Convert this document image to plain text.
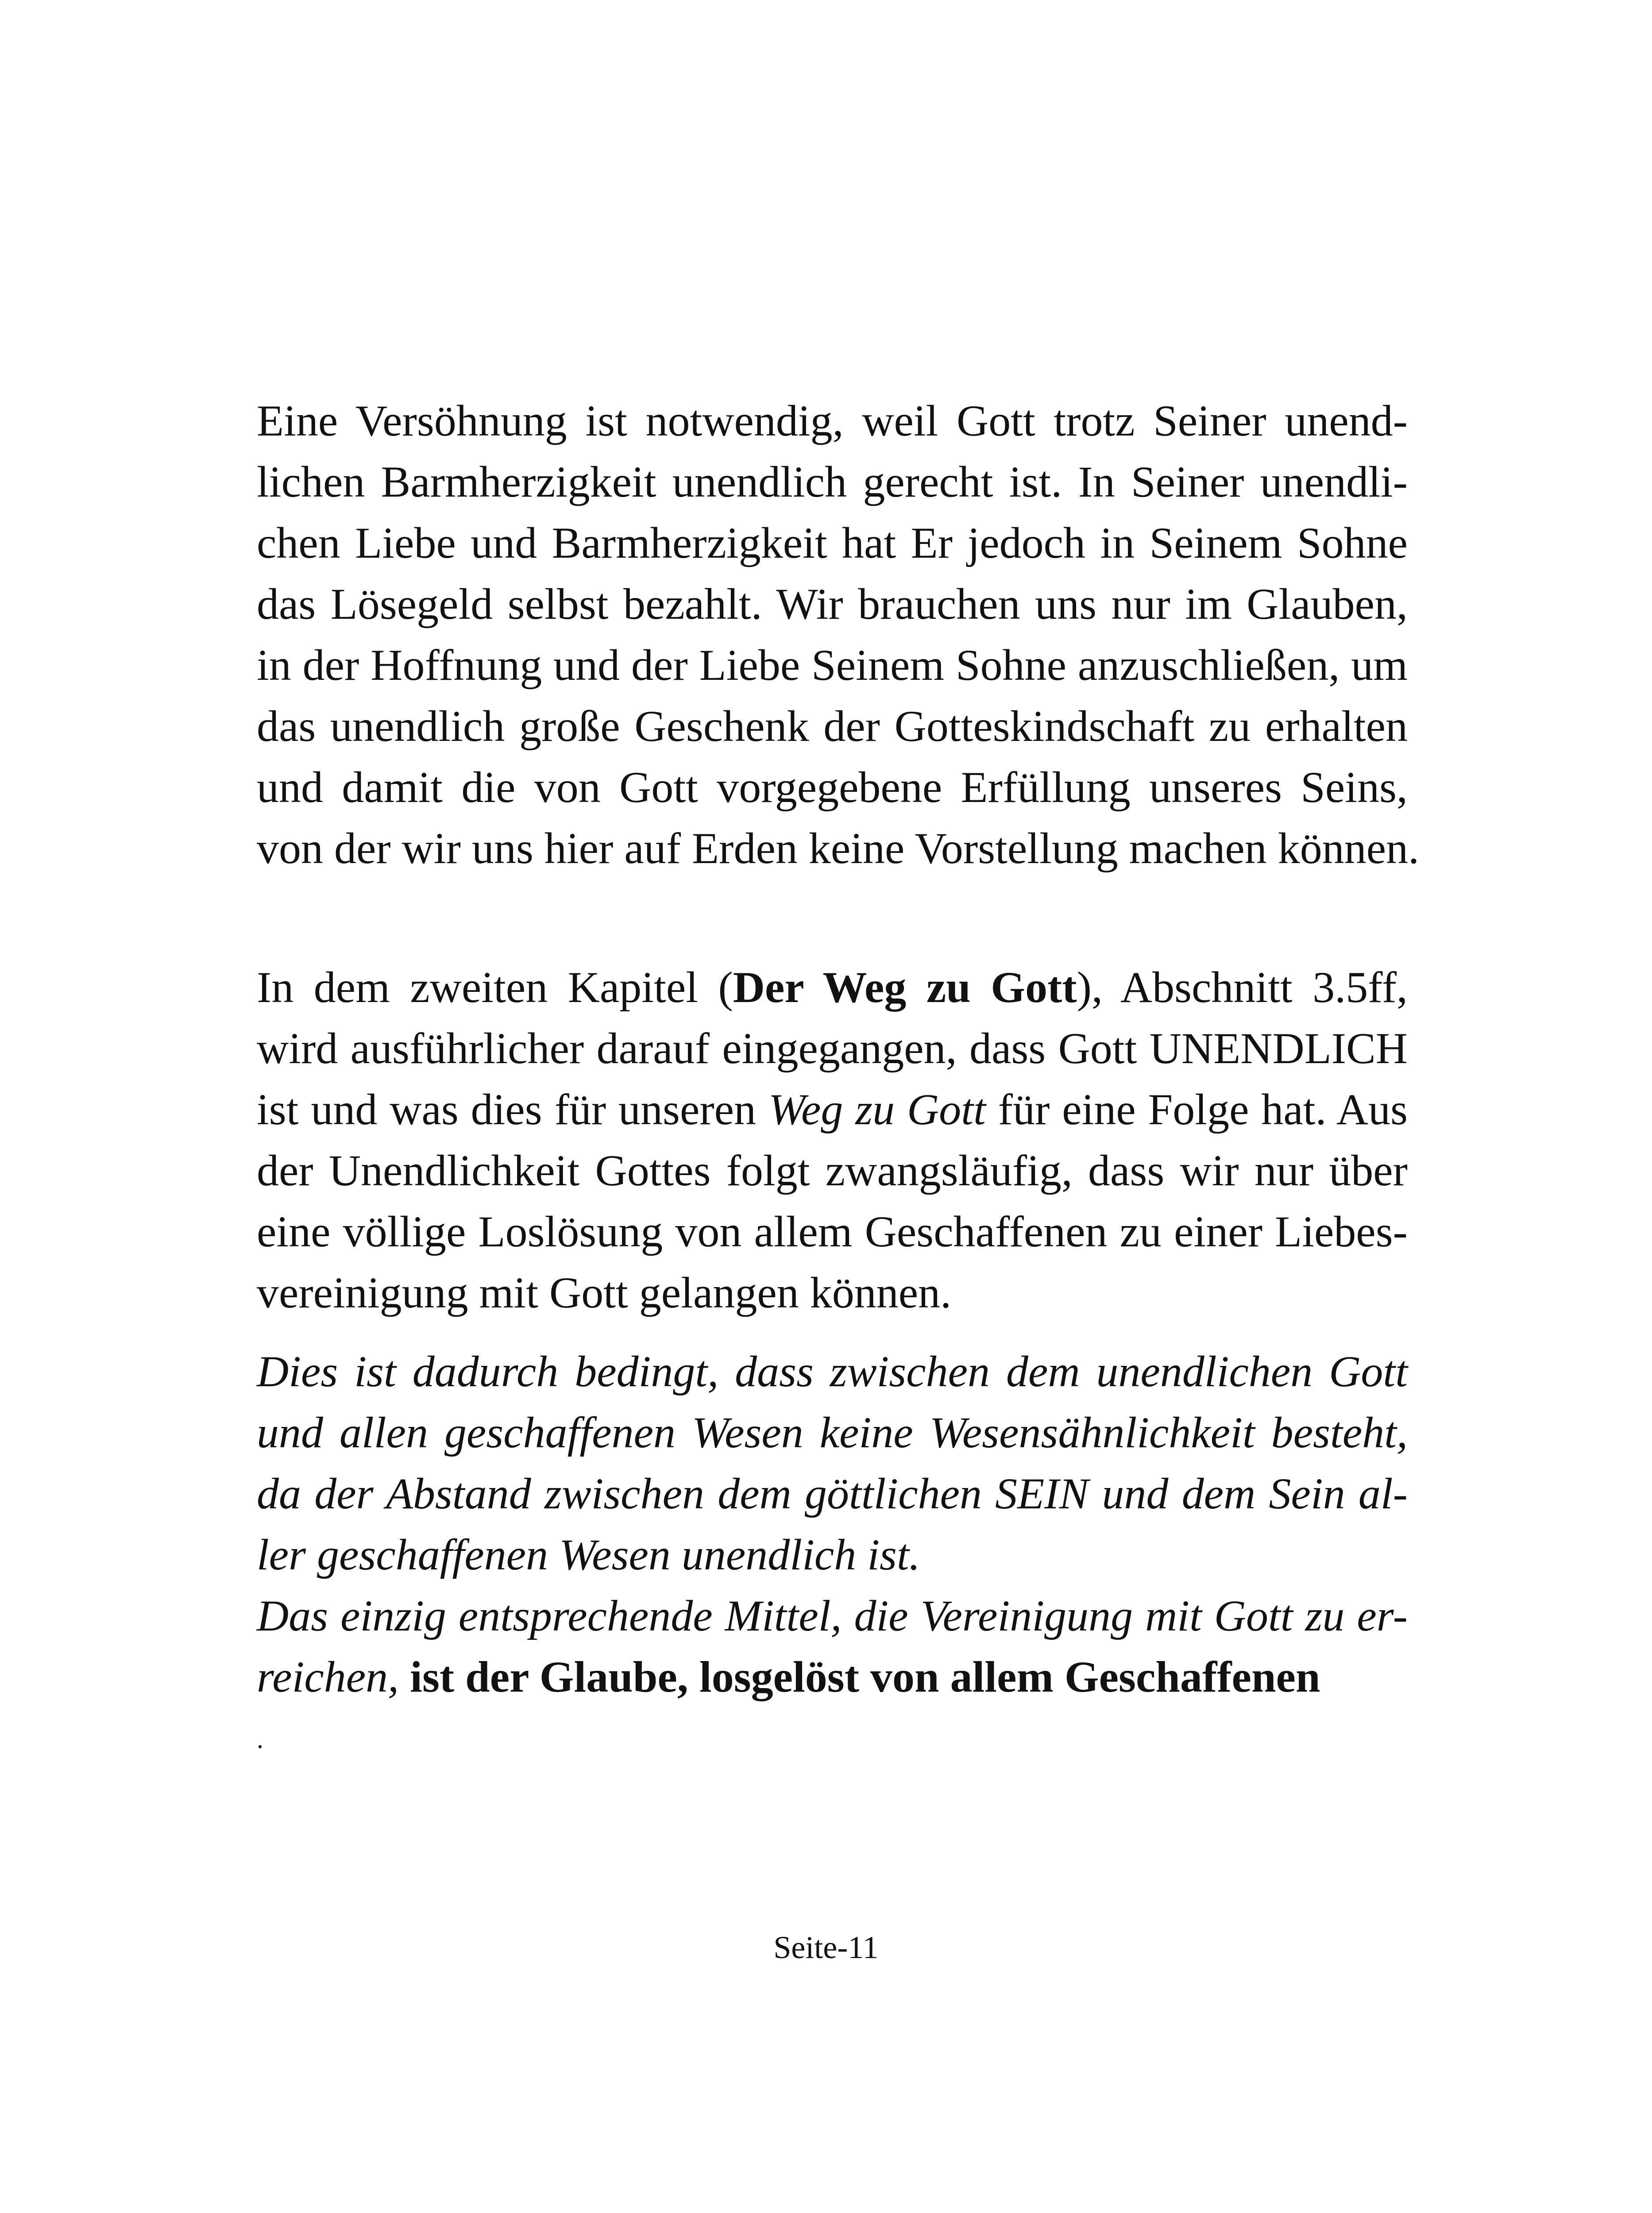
Eine Versöhnung ist notwendig, weil Gott trotz Seiner unend-
lichen Barmherzigkeit unendlich gerecht ist. In Seiner unendli-
chen Liebe und Barmherzigkeit hat Er jedoch in Seinem Sohne
das Lösegeld selbst bezahlt. Wir brauchen uns nur im Glauben,
in der Hoffnung und der Liebe Seinem Sohne anzuschließen, um
das unendlich große Geschenk der Gotteskindschaft zu erhalten
und damit die von Gott vorgegebene Erfüllung unseres Seins,
von der wir uns hier auf Erden keine Vorstellung machen können.
In dem zweiten Kapitel (Der Weg zu Gott), Abschnitt 3.5ff,
wird ausführlicher darauf eingegangen, dass Gott UNENDLICH
ist und was dies für unseren Weg zu Gott für eine Folge hat. Aus
der Unendlichkeit Gottes folgt zwangsläufig, dass wir nur über
eine völlige Loslösung von allem Geschaffenen zu einer Liebes-
vereinigung mit Gott gelangen können.
Dies ist dadurch bedingt, dass zwischen dem unendlichen Gott
und allen geschaffenen Wesen keine Wesensähnlichkeit besteht,
da der Abstand zwischen dem göttlichen SEIN und dem Sein al-
ler geschaffenen Wesen unendlich ist.
Das einzig entsprechende Mittel, die Vereinigung mit Gott zu er-
reichen, ist der Glaube, losgelöst von allem Geschaffenen
.
Seite-11
